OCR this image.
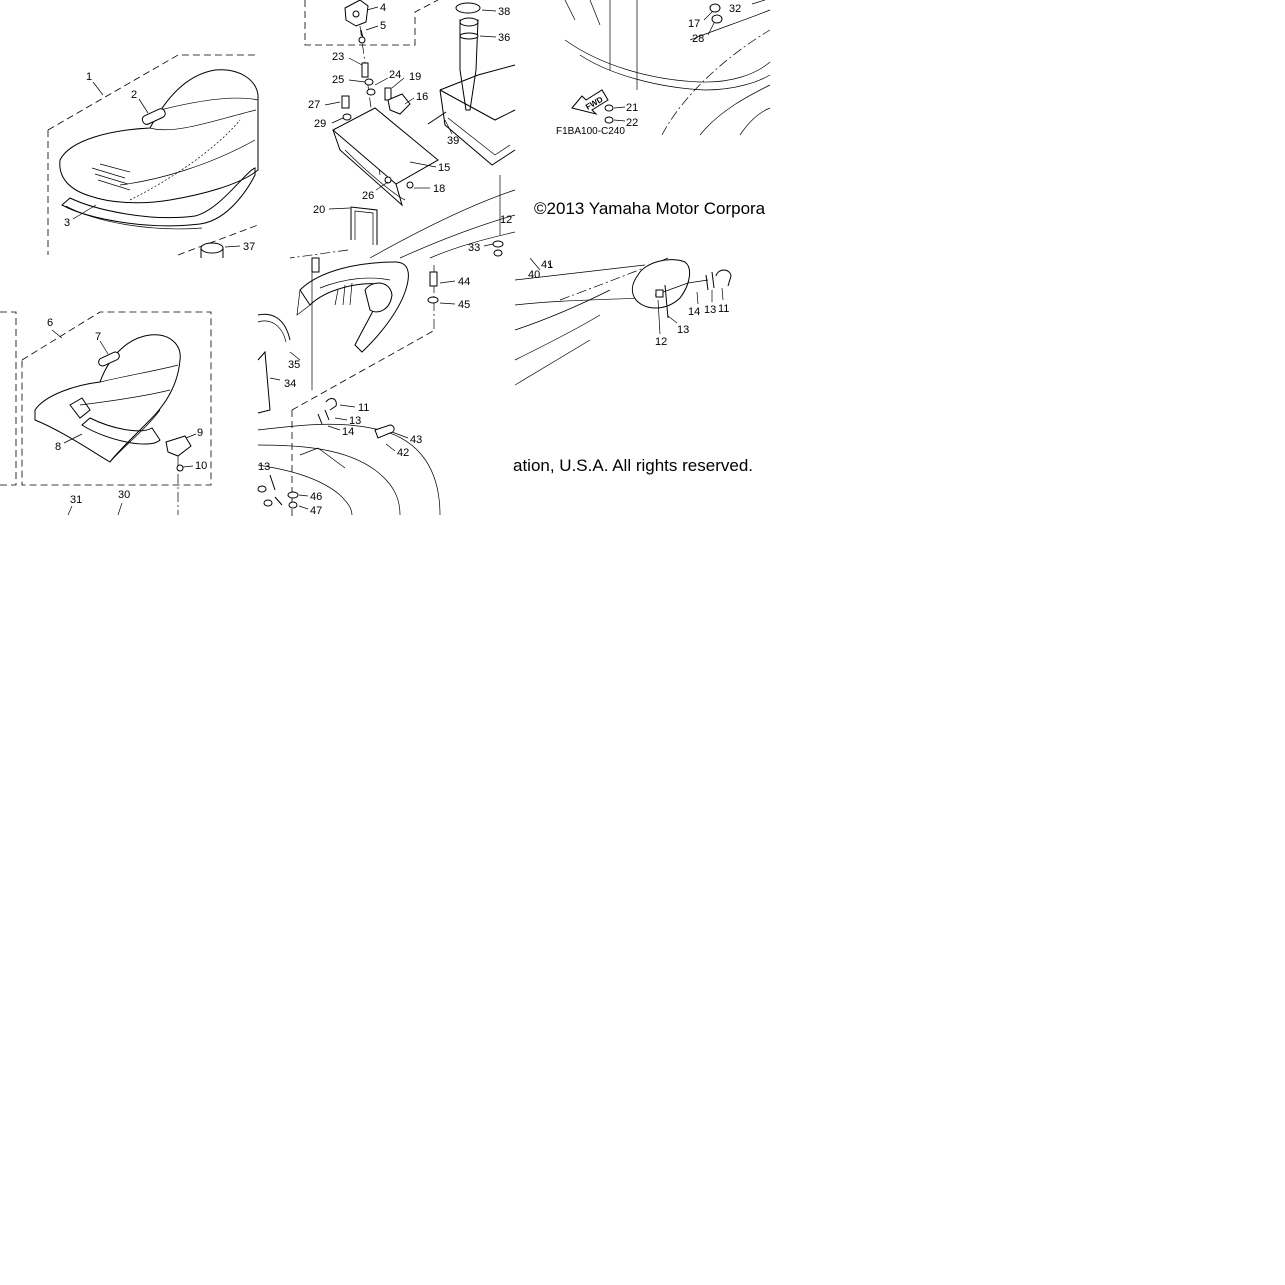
1
2
3
37
6
7
8
9
10
31	30
4
5
38
36
23
25	24 19
16
27
29
39
15
26
18
20
12
33
FWD
17
28
32
21
22
F1BA100-C240
©2013 Yamaha Motor Corpora
ation, U.S.A. All rights reserved.
44
45
35
34
11
13
14
43
42
46
47
13
41
40
14 13 11
13
12
